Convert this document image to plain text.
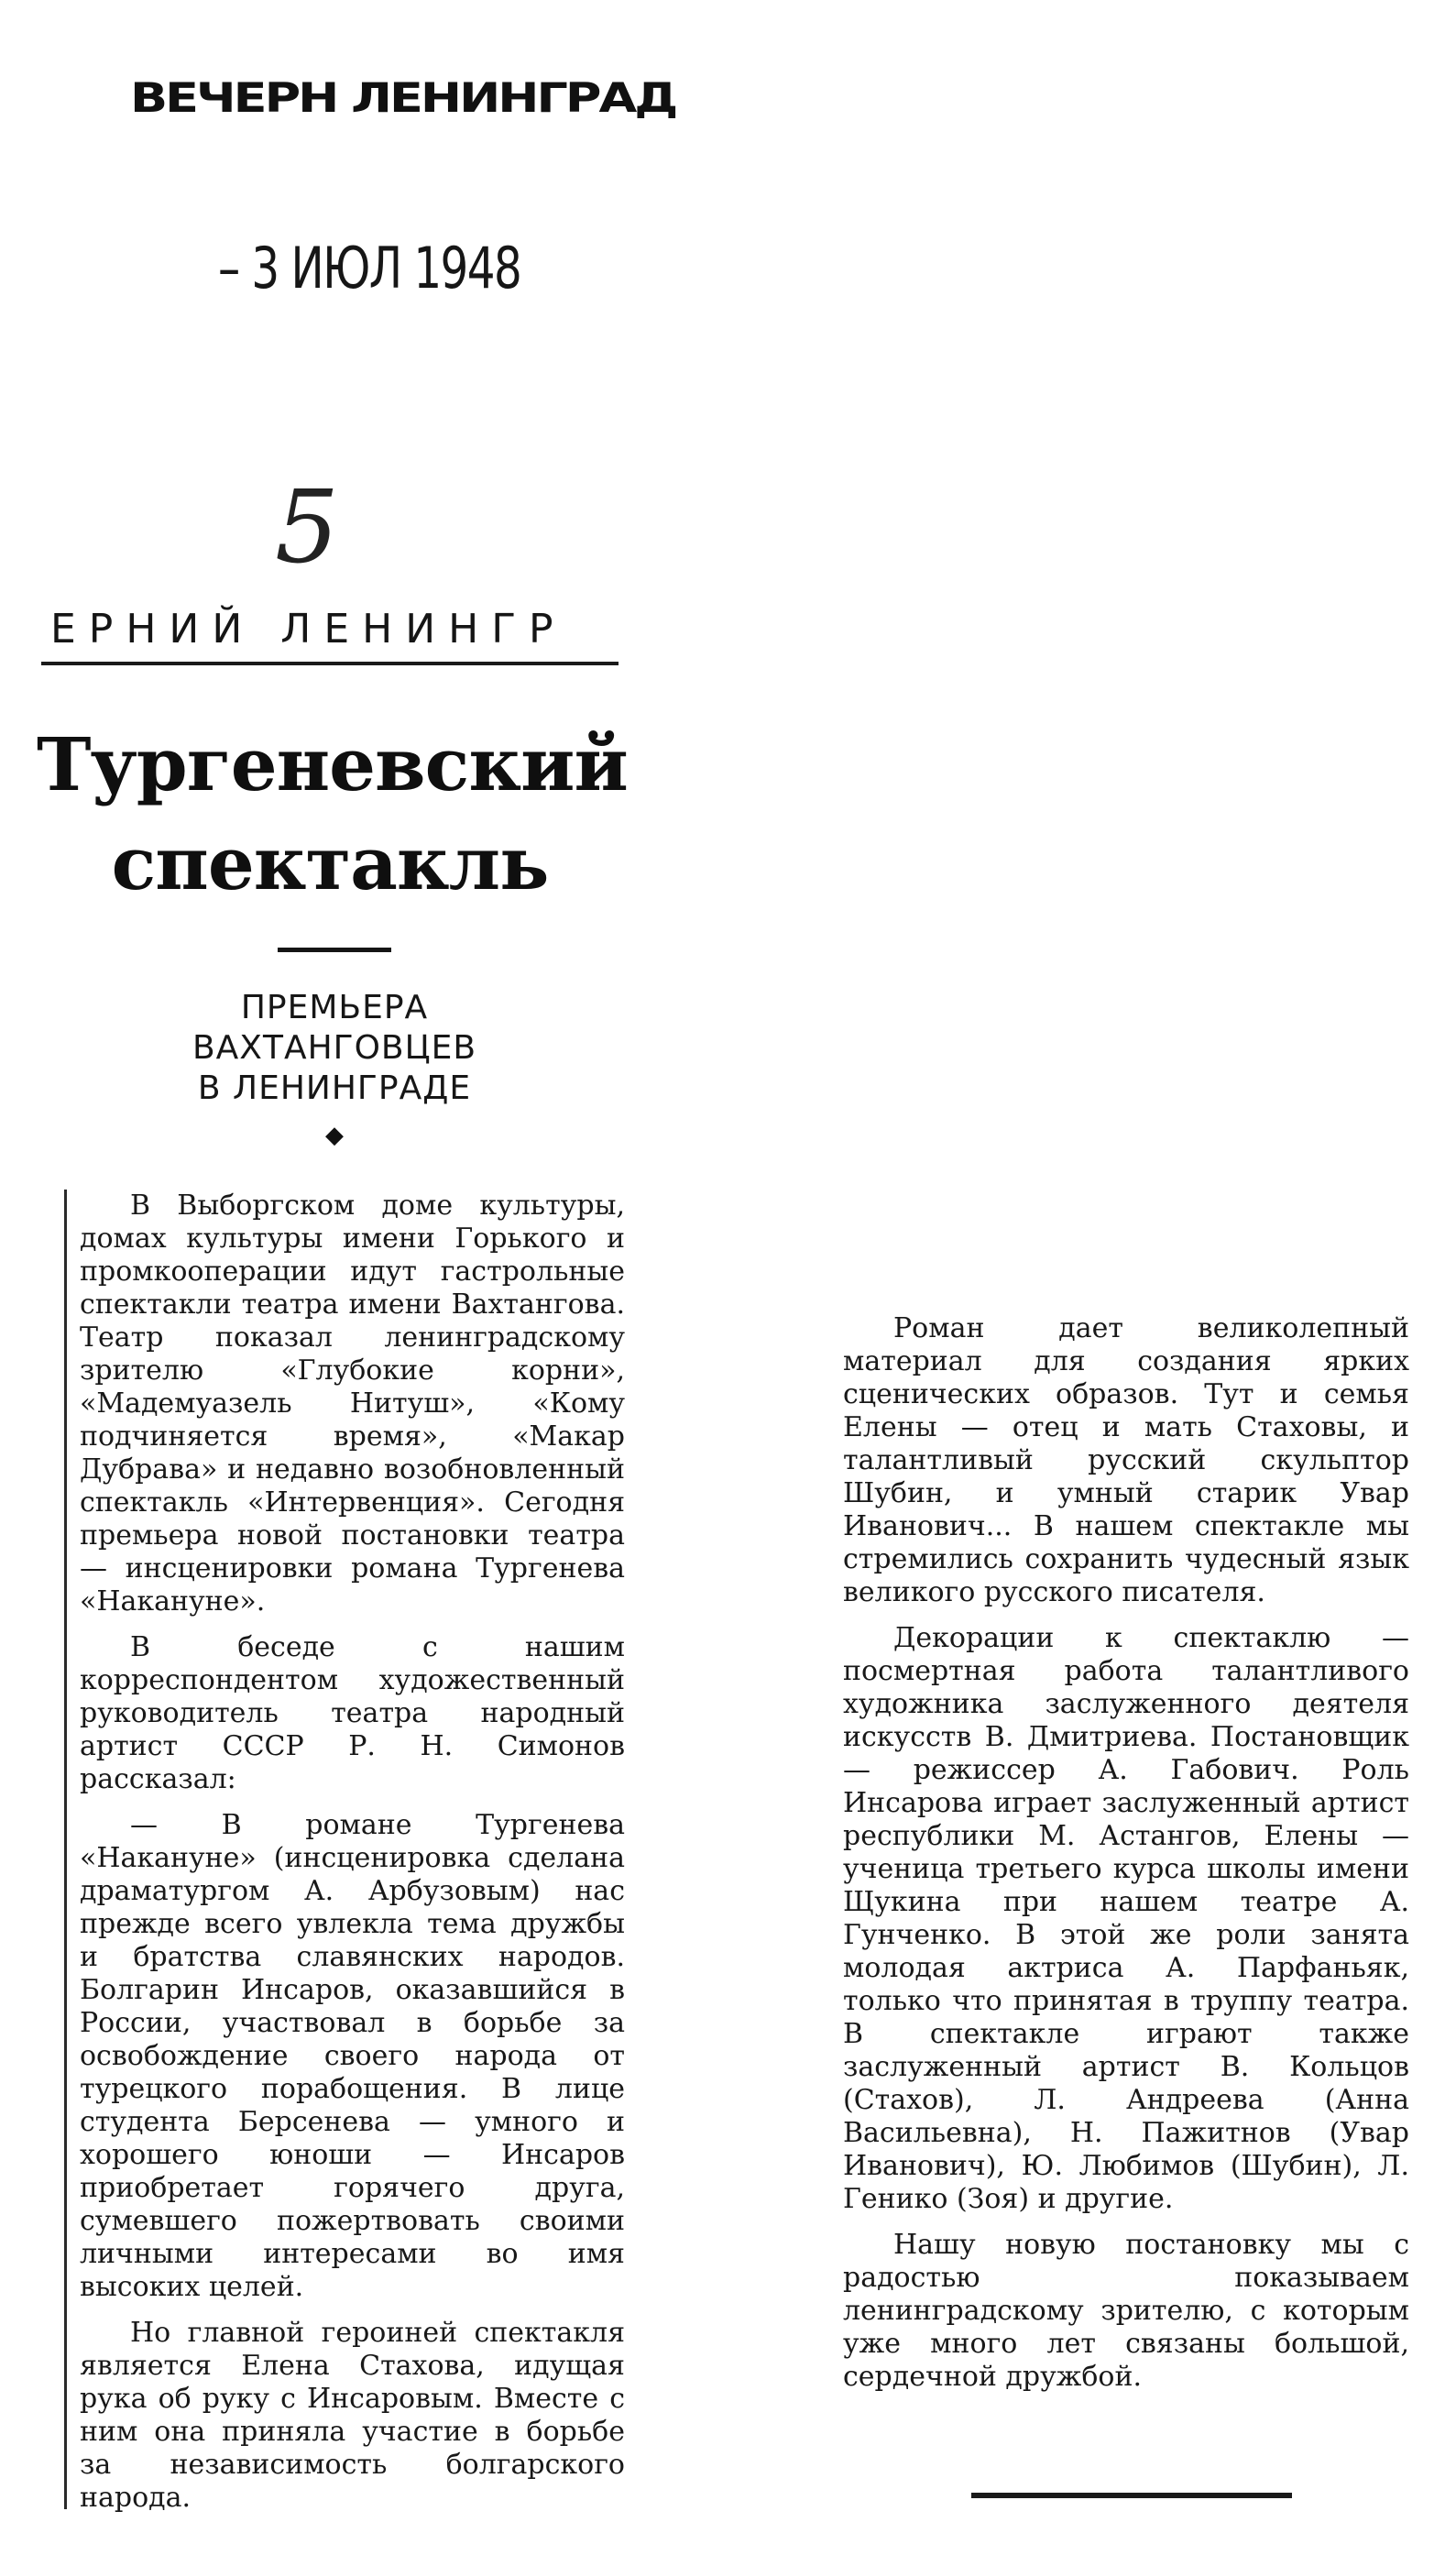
ВЕЧЕРН ЛЕНИНГРАД
– 3 ИЮЛ 1948
5
ЕРНИЙ ЛЕНИНГР
Тургеневский спектакль
ПРЕМЬЕРА
ВАХТАНГОВЦЕВ
В ЛЕНИНГРАДЕ
◆

В Выборгском доме культуры, домах культуры имени Горького и промкооперации идут гастрольные спектакли театра имени Вахтангова. Театр показал ленинградскому зрителю «Глубокие корни», «Мадемуазель Нитуш», «Кому подчиняется время», «Макар Дубрава» и недавно возобновленный спектакль «Интервенция». Сегодня премьера новой постановки театра — инсценировки романа Тургенева «Накануне».

В беседе с нашим корреспондентом художественный руководитель театра народный артист СССР Р. Н. Симонов рассказал:

— В романе Тургенева «Накануне» (инсценировка сделана драматургом А. Арбузовым) нас прежде всего увлекла тема дружбы и братства славянских народов. Болгарин Инсаров, оказавшийся в России, участвовал в борьбе за освобождение своего народа от турецкого порабощения. В лице студента Берсенева — умного и хорошего юноши — Инсаров приобретает горячего друга, сумевшего пожертвовать своими личными интересами во имя высоких целей.

Но главной героиней спектакля является Елена Стахова, идущая рука об руку с Инсаровым. Вместе с ним она приняла участие в борьбе за независимость болгарского народа.

Роман дает великолепный материал для создания ярких сценических образов. Тут и семья Елены — отец и мать Стаховы, и талантливый русский скульптор Шубин, и умный старик Увар Иванович... В нашем спектакле мы стремились сохранить чудесный язык великого русского писателя.

Декорации к спектаклю — посмертная работа талантливого художника заслуженного деятеля искусств В. Дмитриева. Постановщик — режиссер А. Габович. Роль Инсарова играет заслуженный артист республики М. Астангов, Елены — ученица третьего курса школы имени Щукина при нашем театре А. Гунченко. В этой же роли занята молодая актриса А. Парфаньяк, только что принятая в труппу театра. В спектакле играют также заслуженный артист В. Кольцов (Стахов), Л. Андреева (Анна Васильевна), Н. Пажитнов (Увар Иванович), Ю. Любимов (Шубин), Л. Генико (Зоя) и другие.

Нашу новую постановку мы с радостью показываем ленинградскому зрителю, с которым уже много лет связаны большой, сердечной дружбой.
